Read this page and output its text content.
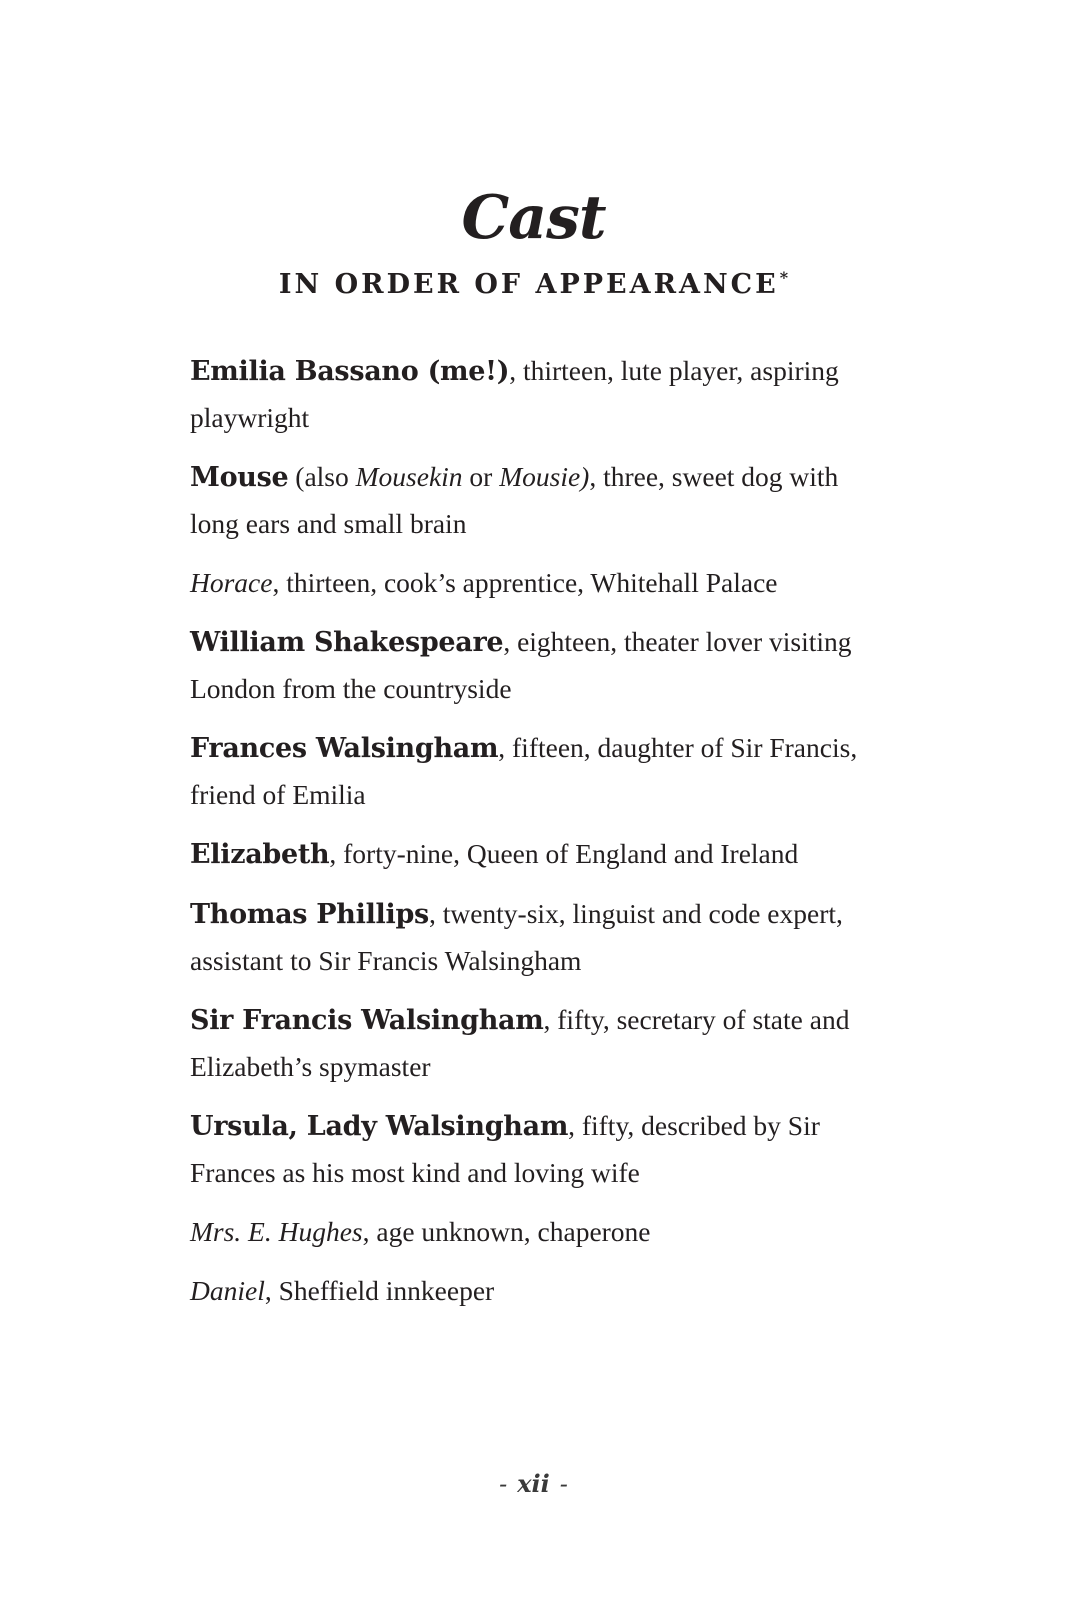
Cast
IN ORDER OF APPEARANCE*
Emilia Bassano (me!), thirteen, lute player, aspiring playwright
Mouse (also Mousekin or Mousie), three, sweet dog with long ears and small brain
Horace, thirteen, cook’s apprentice, Whitehall Palace
William Shakespeare, eighteen, theater lover visiting London from the countryside
Frances Walsingham, fifteen, daughter of Sir Francis, friend of Emilia
Elizabeth, forty-nine, Queen of England and Ireland
Thomas Phillips, twenty-six, linguist and code expert, assistant to Sir Francis Walsingham
Sir Francis Walsingham, fifty, secretary of state and Elizabeth’s spymaster
Ursula, Lady Walsingham, fifty, described by Sir Frances as his most kind and loving wife
Mrs. E. Hughes, age unknown, chaperone
Daniel, Sheffield innkeeper
- xii -
